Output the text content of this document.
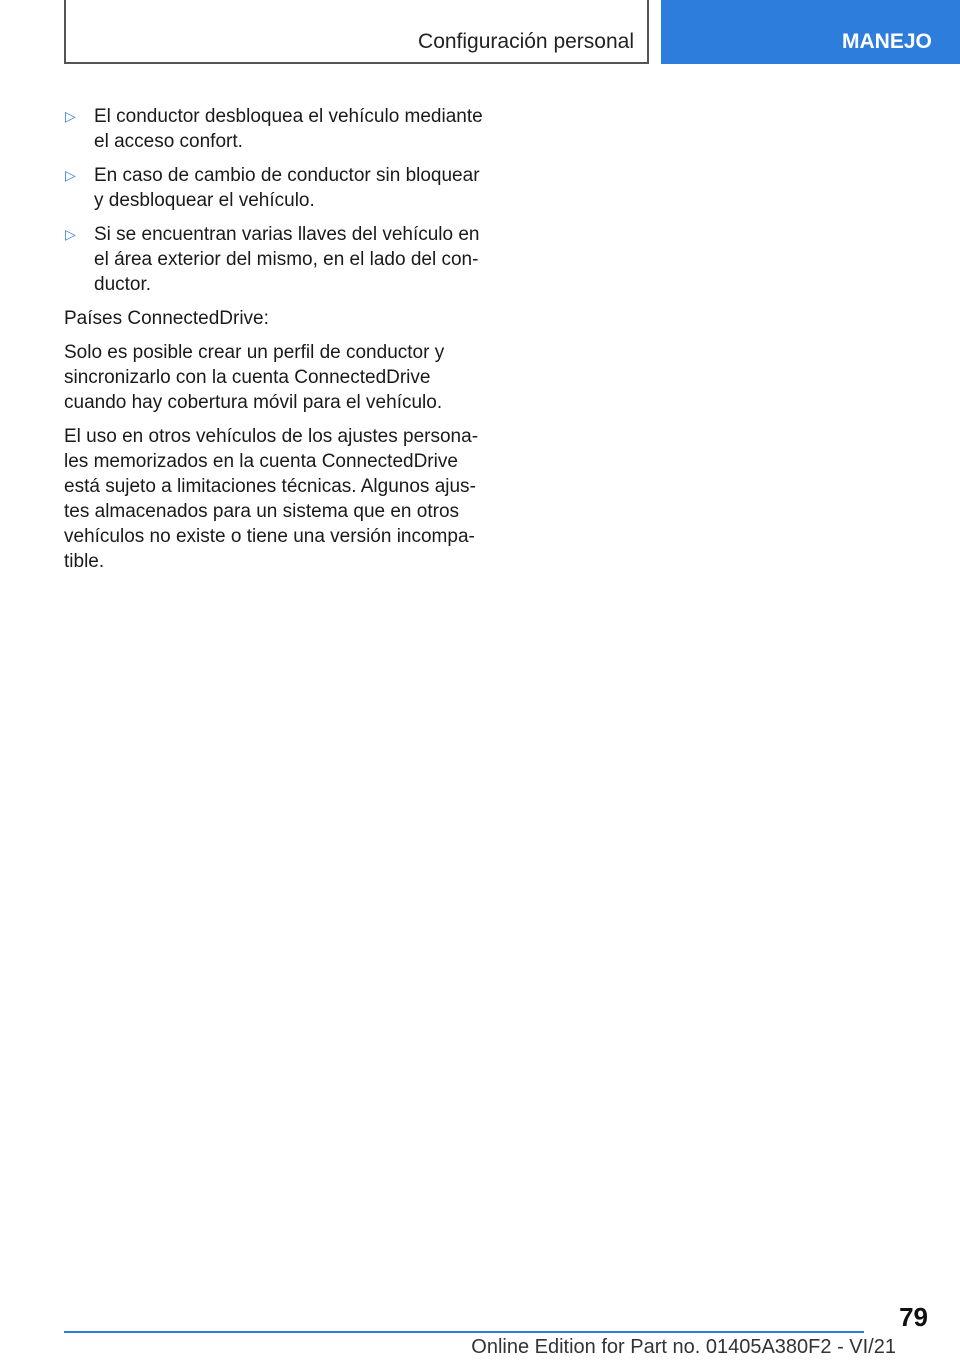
Configuración personal	MANEJO
▷ El conductor desbloquea el vehículo mediante el acceso confort.
▷ En caso de cambio de conductor sin bloquear y desbloquear el vehículo.
▷ Si se encuentran varias llaves del vehículo en el área exterior del mismo, en el lado del conductor.

Países ConnectedDrive:

Solo es posible crear un perfil de conductor y sincronizarlo con la cuenta ConnectedDrive cuando hay cobertura móvil para el vehículo.

El uso en otros vehículos de los ajustes personales memorizados en la cuenta ConnectedDrive está sujeto a limitaciones técnicas. Algunos ajustes almacenados para un sistema que en otros vehículos no existe o tiene una versión incompatible.

79
Online Edition for Part no. 01405A380F2 - VI/21
